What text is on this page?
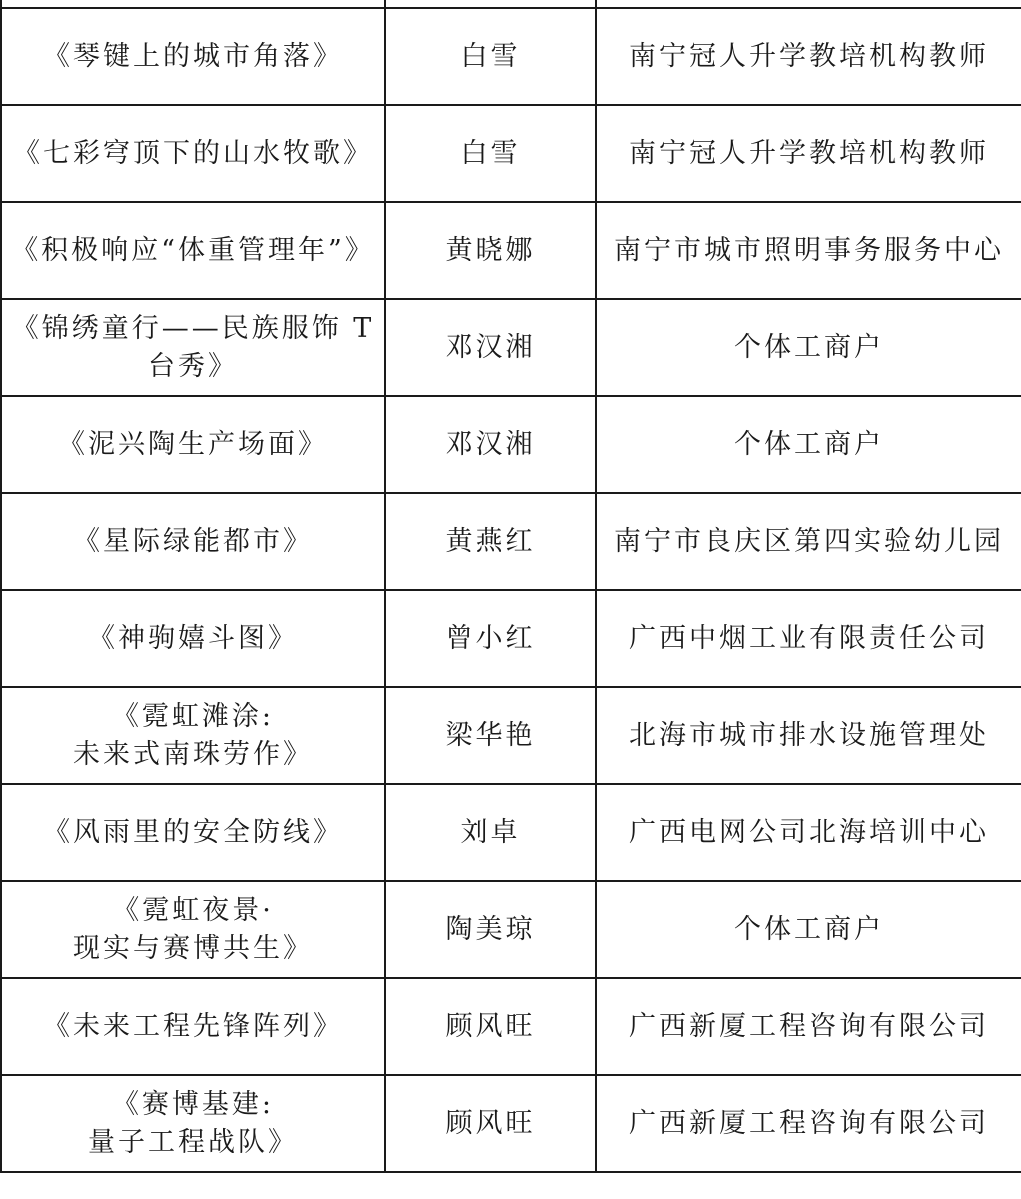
《琴键上的城市角落》	白雪	南宁冠人升学教培机构教师

《七彩穹顶下的山水牧歌》	白雪	南宁冠人升学教培机构教师

《积极响应“体重管理年”》	黄晓娜	南宁市城市照明事务服务中心

《锦绣童行——民族服饰 T
台秀》	邓汉湘	个体工商户

《泥兴陶生产场面》	邓汉湘	个体工商户

《星际绿能都市》	黄燕红	南宁市良庆区第四实验幼儿园

《神驹嬉斗图》	曾小红	广西中烟工业有限责任公司

《霓虹滩涂:
未来式南珠劳作》	梁华艳	北海市城市排水设施管理处

《风雨里的安全防线》	刘卓	广西电网公司北海培训中心

《霓虹夜景·
现实与赛博共生》	陶美琼	个体工商户

《未来工程先锋阵列》	顾风旺	广西新厦工程咨询有限公司

《赛博基建:
量子工程战队》	顾风旺	广西新厦工程咨询有限公司
